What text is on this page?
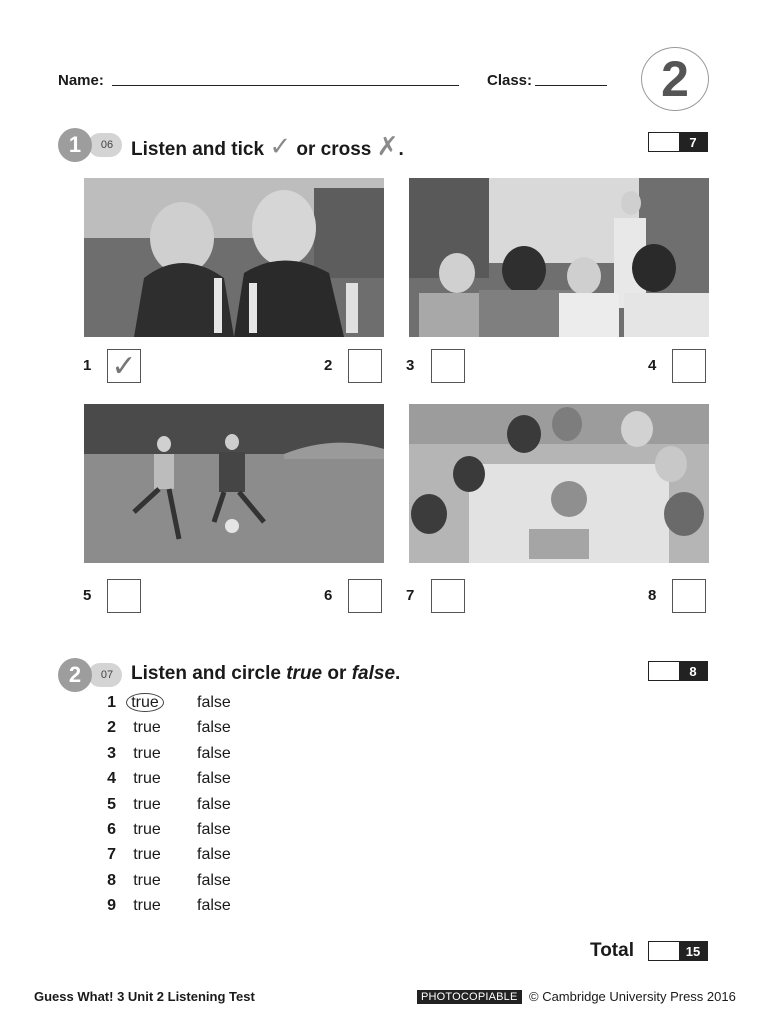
Name:	Class:	2
06
1	Listen and tick ✓ or cross ✗.	7
1 ✓	2	3	4
5	6	7	8
07
2	Listen and circle true or false.	8
1 true	false
2	true	false
3	true	false
4	true	false
5	true	false
6	true	false
7	true	false
8	true	false
9	true	false
Total	15
Guess What! 3 Unit 2 Listening Test	PHOTOCOPIABLE © Cambridge University Press 2016
